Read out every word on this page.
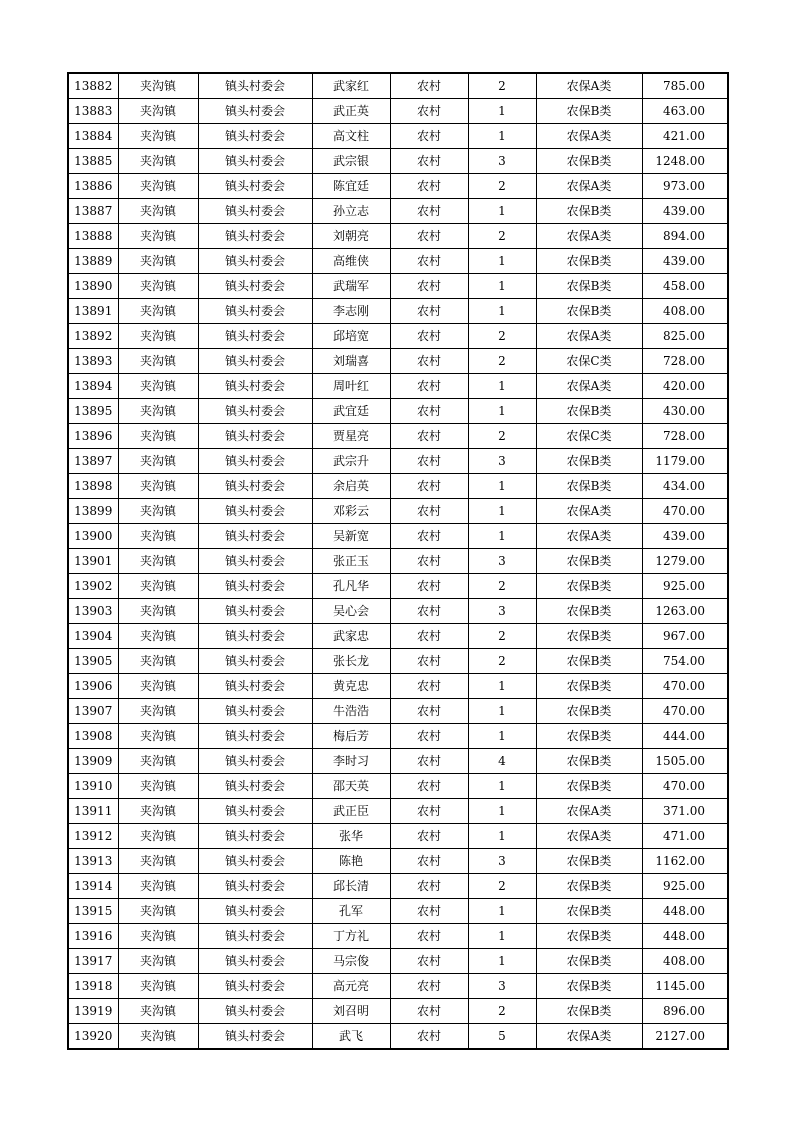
13882	夹沟镇	镇头村委会	武家红	农村	2	农保A类	785.00
13883	夹沟镇	镇头村委会	武正英	农村	1	农保B类	463.00
13884	夹沟镇	镇头村委会	高文柱	农村	1	农保A类	421.00
13885	夹沟镇	镇头村委会	武宗银	农村	3	农保B类	1248.00
13886	夹沟镇	镇头村委会	陈宜廷	农村	2	农保A类	973.00
13887	夹沟镇	镇头村委会	孙立志	农村	1	农保B类	439.00
13888	夹沟镇	镇头村委会	刘朝亮	农村	2	农保A类	894.00
13889	夹沟镇	镇头村委会	高维侠	农村	1	农保B类	439.00
13890	夹沟镇	镇头村委会	武瑞军	农村	1	农保B类	458.00
13891	夹沟镇	镇头村委会	李志刚	农村	1	农保B类	408.00
13892	夹沟镇	镇头村委会	邱培宽	农村	2	农保A类	825.00
13893	夹沟镇	镇头村委会	刘瑞喜	农村	2	农保C类	728.00
13894	夹沟镇	镇头村委会	周叶红	农村	1	农保A类	420.00
13895	夹沟镇	镇头村委会	武宜廷	农村	1	农保B类	430.00
13896	夹沟镇	镇头村委会	贾星亮	农村	2	农保C类	728.00
13897	夹沟镇	镇头村委会	武宗升	农村	3	农保B类	1179.00
13898	夹沟镇	镇头村委会	余启英	农村	1	农保B类	434.00
13899	夹沟镇	镇头村委会	邓彩云	农村	1	农保A类	470.00
13900	夹沟镇	镇头村委会	吴新宽	农村	1	农保A类	439.00
13901	夹沟镇	镇头村委会	张正玉	农村	3	农保B类	1279.00
13902	夹沟镇	镇头村委会	孔凡华	农村	2	农保B类	925.00
13903	夹沟镇	镇头村委会	吴心会	农村	3	农保B类	1263.00
13904	夹沟镇	镇头村委会	武家忠	农村	2	农保B类	967.00
13905	夹沟镇	镇头村委会	张长龙	农村	2	农保B类	754.00
13906	夹沟镇	镇头村委会	黄克忠	农村	1	农保B类	470.00
13907	夹沟镇	镇头村委会	牛浩浩	农村	1	农保B类	470.00
13908	夹沟镇	镇头村委会	梅后芳	农村	1	农保B类	444.00
13909	夹沟镇	镇头村委会	李时习	农村	4	农保B类	1505.00
13910	夹沟镇	镇头村委会	邵天英	农村	1	农保B类	470.00
13911	夹沟镇	镇头村委会	武正臣	农村	1	农保A类	371.00
13912	夹沟镇	镇头村委会	张华	农村	1	农保A类	471.00
13913	夹沟镇	镇头村委会	陈艳	农村	3	农保B类	1162.00
13914	夹沟镇	镇头村委会	邱长清	农村	2	农保B类	925.00
13915	夹沟镇	镇头村委会	孔军	农村	1	农保B类	448.00
13916	夹沟镇	镇头村委会	丁方礼	农村	1	农保B类	448.00
13917	夹沟镇	镇头村委会	马宗俊	农村	1	农保B类	408.00
13918	夹沟镇	镇头村委会	高元亮	农村	3	农保B类	1145.00
13919	夹沟镇	镇头村委会	刘召明	农村	2	农保B类	896.00
13920	夹沟镇	镇头村委会	武飞	农村	5	农保A类	2127.00
